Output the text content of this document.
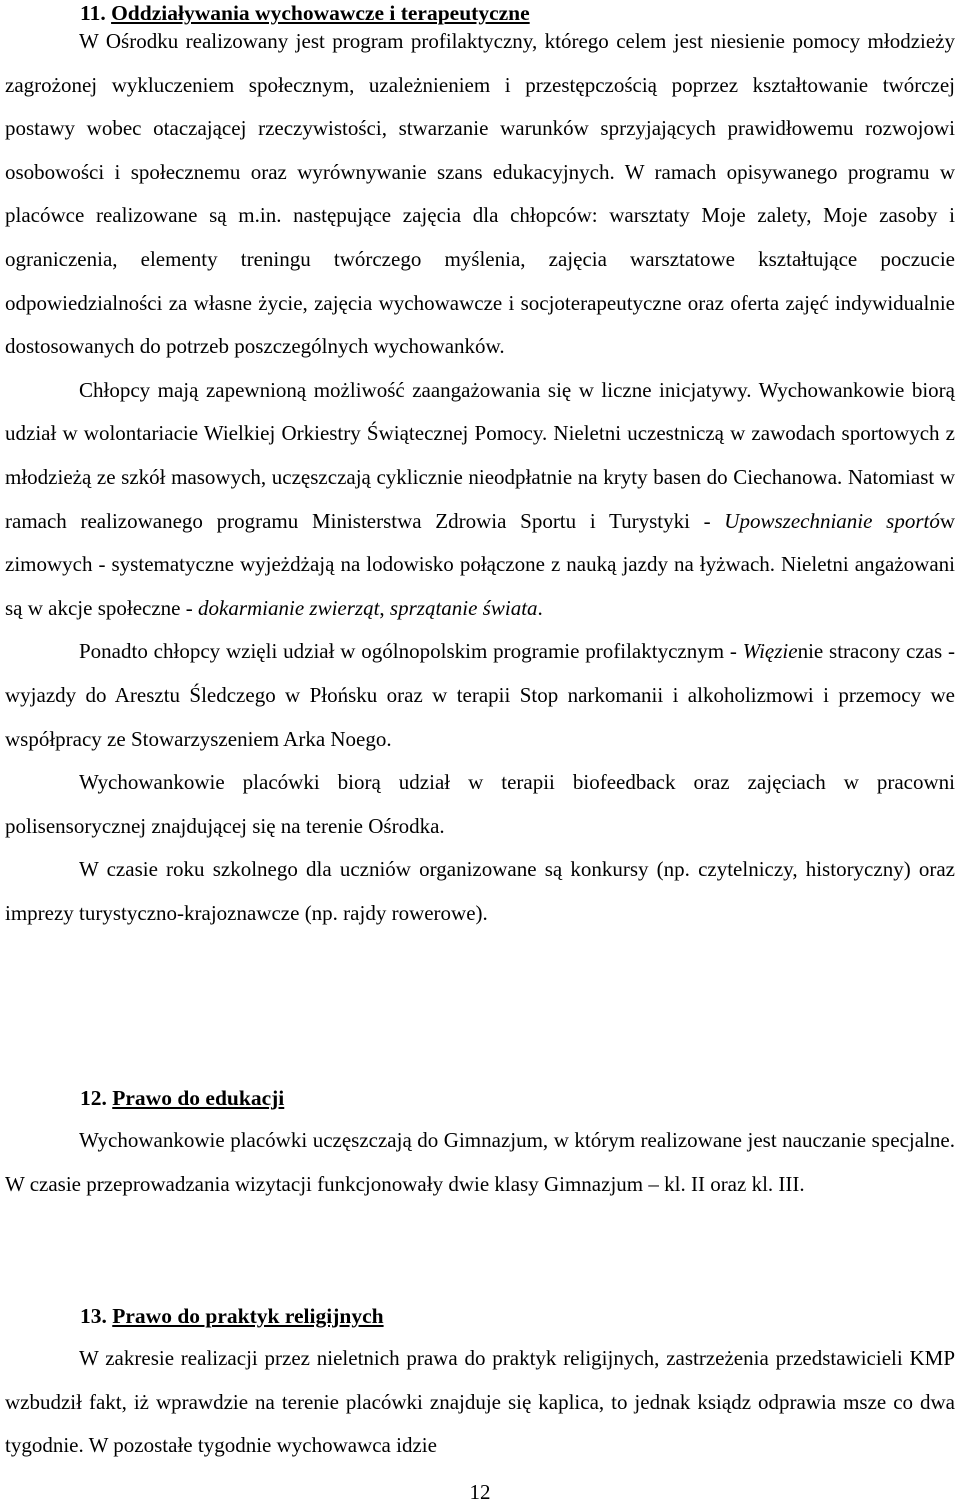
11. Oddziaływania wychowawcze i terapeutyczne

W Ośrodku realizowany jest program profilaktyczny, którego celem jest niesienie pomocy młodzieży zagrożonej wykluczeniem społecznym, uzależnieniem i przestępczością poprzez kształtowanie twórczej postawy wobec otaczającej rzeczywistości, stwarzanie warunków sprzyjających prawidłowemu rozwojowi osobowości i społecznemu oraz wyrównywanie szans edukacyjnych. W ramach opisywanego programu w placówce realizowane są m.in. następujące zajęcia dla chłopców: warsztaty Moje zalety, Moje zasoby i ograniczenia, elementy treningu twórczego myślenia, zajęcia warsztatowe kształtujące poczucie odpowiedzialności za własne życie, zajęcia wychowawcze i socjoterapeutyczne oraz oferta zajęć indywidualnie dostosowanych do potrzeb poszczególnych wychowanków.

Chłopcy mają zapewnioną możliwość zaangażowania się w liczne inicjatywy. Wychowankowie biorą udział w wolontariacie Wielkiej Orkiestry Świątecznej Pomocy. Nieletni uczestniczą w zawodach sportowych z młodzieżą ze szkół masowych, uczęszczają cyklicznie nieodpłatnie na kryty basen do Ciechanowa. Natomiast w ramach realizowanego programu Ministerstwa Zdrowia Sportu i Turystyki - Upowszechnianie sportów zimowych - systematyczne wyjeżdżają na lodowisko połączone z nauką jazdy na łyżwach. Nieletni angażowani są w akcje społeczne - dokarmianie zwierząt, sprzątanie świata.

Ponadto chłopcy wzięli udział w ogólnopolskim programie profilaktycznym - Więzienie stracony czas - wyjazdy do Aresztu Śledczego w Płońsku oraz w terapii Stop narkomanii i alkoholizmowi i przemocy we współpracy ze Stowarzyszeniem Arka Noego.

Wychowankowie placówki biorą udział w terapii biofeedback oraz zajęciach w pracowni polisensorycznej znajdującej się na terenie Ośrodka.

W czasie roku szkolnego dla uczniów organizowane są konkursy (np. czytelniczy, historyczny) oraz imprezy turystyczno-krajoznawcze (np. rajdy rowerowe).

12. Prawo do edukacji

Wychowankowie placówki uczęszczają do Gimnazjum, w którym realizowane jest nauczanie specjalne. W czasie przeprowadzania wizytacji funkcjonowały dwie klasy Gimnazjum – kl. II oraz kl. III.

13. Prawo do praktyk religijnych

W zakresie realizacji przez nieletnich prawa do praktyk religijnych, zastrzeżenia przedstawicieli KMP wzbudził fakt, iż wprawdzie na terenie placówki znajduje się kaplica, to jednak ksiądz odprawia msze co dwa tygodnie. W pozostałe tygodnie wychowawca idzie

12
